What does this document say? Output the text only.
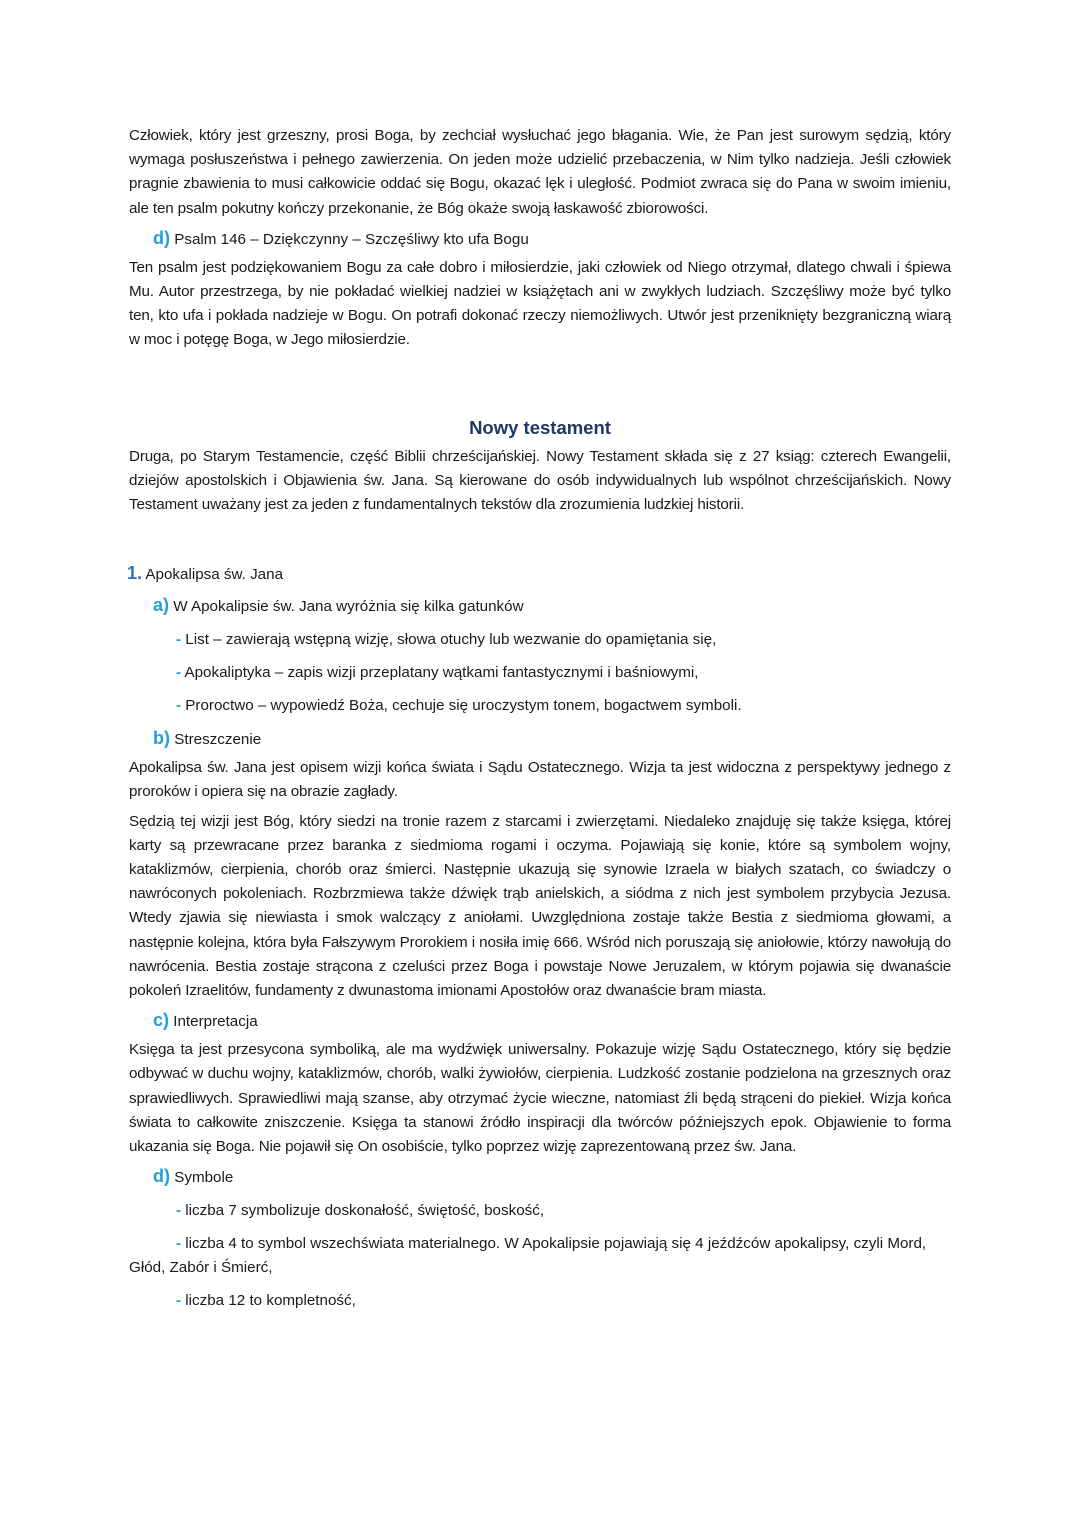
Człowiek, który jest grzeszny, prosi Boga, by zechciał wysłuchać jego błagania. Wie, że Pan jest surowym sędzią, który wymaga posłuszeństwa i pełnego zawierzenia. On jeden może udzielić przebaczenia, w Nim tylko nadzieja. Jeśli człowiek pragnie zbawienia to musi całkowicie oddać się Bogu, okazać lęk i uległość. Podmiot zwraca się do Pana w swoim imieniu, ale ten psalm pokutny kończy przekonanie, że Bóg okaże swoją łaskawość zbiorowości.

d) Psalm 146 – Dziękczynny – Szczęśliwy kto ufa Bogu

Ten psalm jest podziękowaniem Bogu za całe dobro i miłosierdzie, jaki człowiek od Niego otrzymał, dlatego chwali i śpiewa Mu. Autor przestrzega, by nie pokładać wielkiej nadziei w książętach ani w zwykłych ludziach. Szczęśliwy może być tylko ten, kto ufa i pokłada nadzieje w Bogu. On potrafi dokonać rzeczy niemożliwych. Utwór jest przeniknięty bezgraniczną wiarą w moc i potęgę Boga, w Jego miłosierdzie.

Nowy testament

Druga, po Starym Testamencie, część Biblii chrześcijańskiej. Nowy Testament składa się z 27 ksiąg: czterech Ewangelii, dziejów apostolskich i Objawienia św. Jana. Są kierowane do osób indywidualnych lub wspólnot chrześcijańskich. Nowy Testament uważany jest za jeden z fundamentalnych tekstów dla zrozumienia ludzkiej historii.

1. Apokalipsa św. Jana
a) W Apokalipsie św. Jana wyróżnia się kilka gatunków
- List – zawierają wstępną wizję, słowa otuchy lub wezwanie do opamiętania się,
- Apokaliptyka – zapis wizji przeplatany wątkami fantastycznymi i baśniowymi,
- Proroctwo – wypowiedź Boża, cechuje się uroczystym tonem, bogactwem symboli.
b) Streszczenie

Apokalipsa św. Jana jest opisem wizji końca świata i Sądu Ostatecznego. Wizja ta jest widoczna z perspektywy jednego z proroków i opiera się na obrazie zagłady.

Sędzią tej wizji jest Bóg, który siedzi na tronie razem z starcami i zwierzętami. Niedaleko znajduję się także księga, której karty są przewracane przez baranka z siedmioma rogami i oczyma. Pojawiają się konie, które są symbolem wojny, kataklizmów, cierpienia, chorób oraz śmierci. Następnie ukazują się synowie Izraela w białych szatach, co świadczy o nawróconych pokoleniach. Rozbrzmiewa także dźwięk trąb anielskich, a siódma z nich jest symbolem przybycia Jezusa. Wtedy zjawia się niewiasta i smok walczący z aniołami. Uwzględniona zostaje także Bestia z siedmioma głowami, a następnie kolejna, która była Fałszywym Prorokiem i nosiła imię 666. Wśród nich poruszają się aniołowie, którzy nawołują do nawrócenia. Bestia zostaje strącona z czeluści przez Boga i powstaje Nowe Jeruzalem, w którym pojawia się dwanaście pokoleń Izraelitów, fundamenty z dwunastoma imionami Apostołów oraz dwanaście bram miasta.

c) Interpretacja

Księga ta jest przesycona symboliką, ale ma wydźwięk uniwersalny. Pokazuje wizję Sądu Ostatecznego, który się będzie odbywać w duchu wojny, kataklizmów, chorób, walki żywiołów, cierpienia. Ludzkość zostanie podzielona na grzesznych oraz sprawiedliwych. Sprawiedliwi mają szanse, aby otrzymać życie wieczne, natomiast źli będą strąceni do piekieł. Wizja końca świata to całkowite zniszczenie. Księga ta stanowi źródło inspiracji dla twórców późniejszych epok. Objawienie to forma ukazania się Boga. Nie pojawił się On osobiście, tylko poprzez wizję zaprezentowaną przez św. Jana.

d) Symbole
- liczba 7 symbolizuje doskonałość, świętość, boskość,
- liczba 4 to symbol wszechświata materialnego. W Apokalipsie pojawiają się 4 jeźdźców apokalipsy, czyli Mord, Głód, Zabór i Śmierć,
- liczba 12 to kompletność,
